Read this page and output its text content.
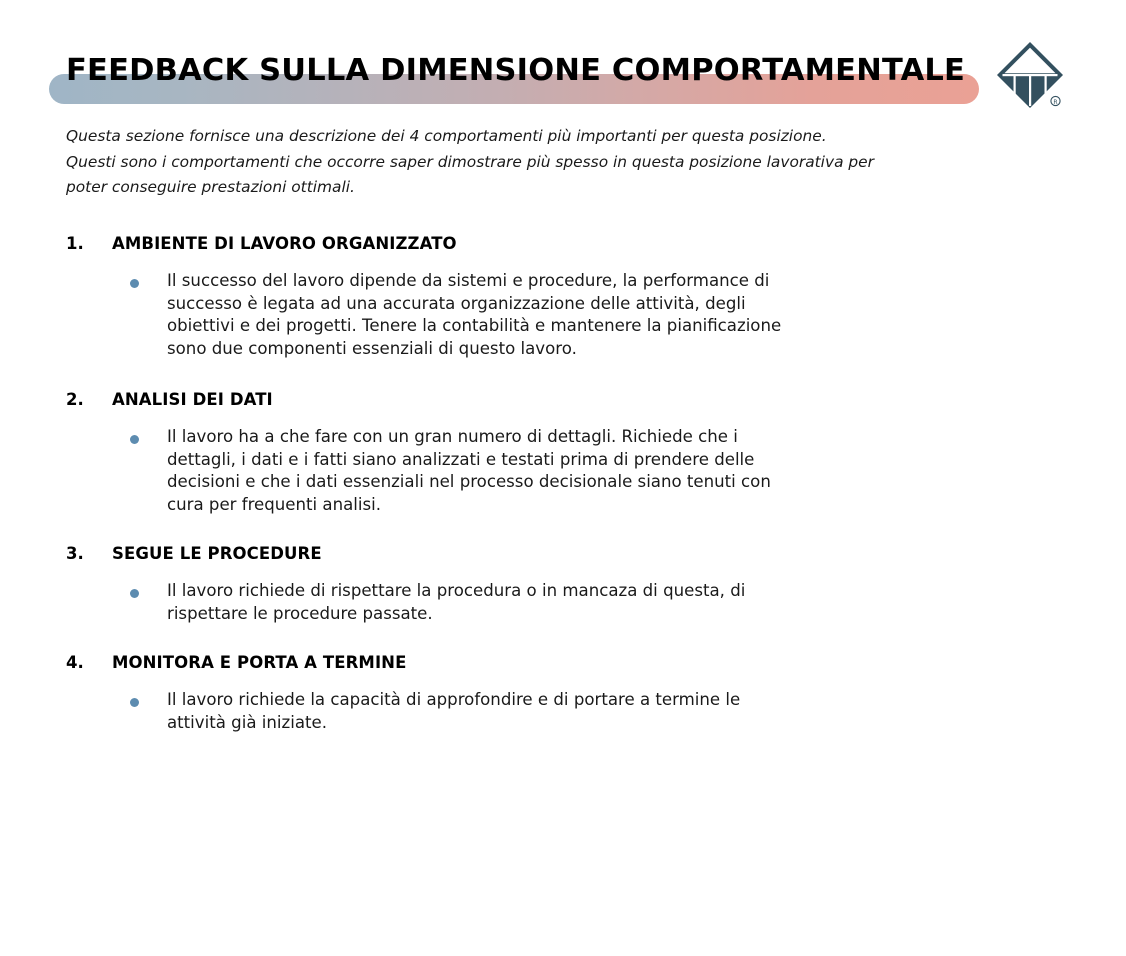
FEEDBACK SULLA DIMENSIONE COMPORTAMENTALE
R

Questa sezione fornisce una descrizione dei 4 comportamenti più importanti per questa posizione.

Questi sono i comportamenti che occorre saper dimostrare più spesso in questa posizione lavorativa per

poter conseguire prestazioni ottimali.

1.	AMBIENTE DI LAVORO ORGANIZZATO
Il successo del lavoro dipende da sistemi e procedure, la performance di successo è legata ad una accurata organizzazione delle attività, degli obiettivi e dei progetti. Tenere la contabilità e mantenere la pianificazione sono due componenti essenziali di questo lavoro.
2.	ANALISI DEI DATI
Il lavoro ha a che fare con un gran numero di dettagli. Richiede che i dettagli, i dati e i fatti siano analizzati e testati prima di prendere delle decisioni e che i dati essenziali nel processo decisionale siano tenuti con cura per frequenti analisi.
3.	SEGUE LE PROCEDURE
Il lavoro richiede di rispettare la procedura o in mancaza di questa, di rispettare le procedure passate.
4.	MONITORA E PORTA A TERMINE
Il lavoro richiede la capacità di approfondire e di portare a termine le attività già iniziate.
